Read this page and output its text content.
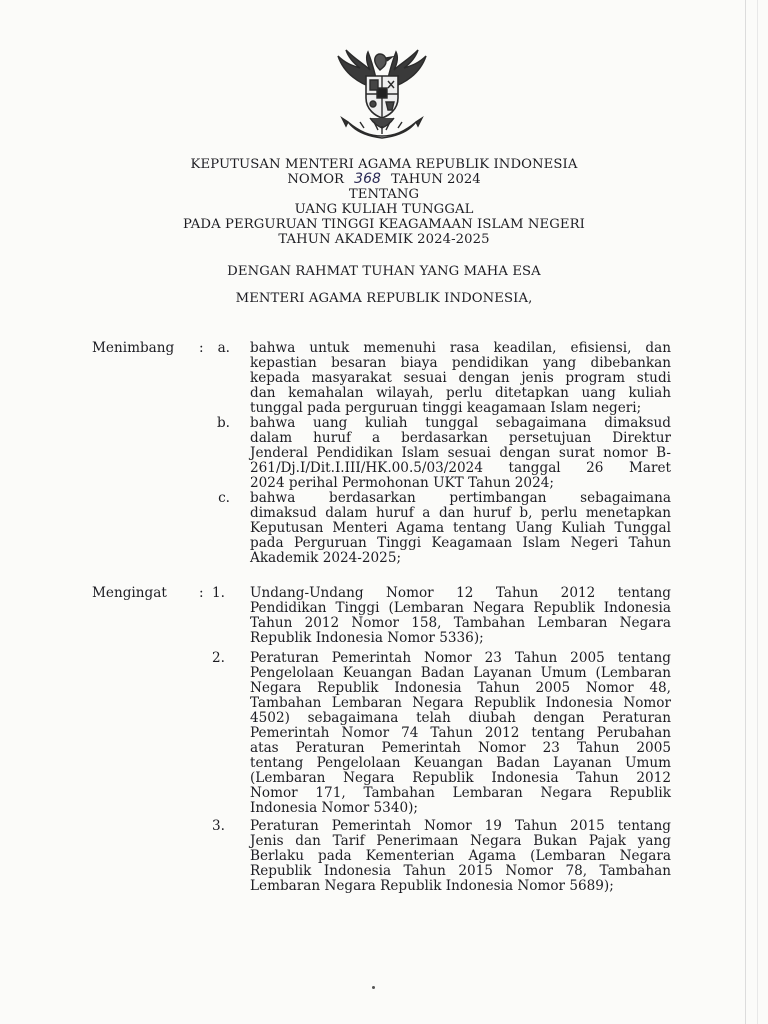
KEPUTUSAN MENTERI AGAMA REPUBLIK INDONESIA
NOMOR 368 TAHUN 2024
TENTANG
UANG KULIAH TUNGGAL
PADA PERGURUAN TINGGI KEAGAMAAN ISLAM NEGERI
TAHUN AKADEMIK 2024-2025
DENGAN RAHMAT TUHAN YANG MAHA ESA
MENTERI AGAMA REPUBLIK INDONESIA,
Menimbang :	a. bahwa untuk memenuhi rasa keadilan, efisiensi, dan
kepastian besaran biaya pendidikan yang dibebankan
kepada masyarakat sesuai dengan jenis program studi
dan kemahalan wilayah, perlu ditetapkan uang kuliah
tunggal pada perguruan tinggi keagamaan Islam negeri;
b. bahwa uang kuliah tunggal sebagaimana dimaksud
dalam huruf a berdasarkan persetujuan Direktur
Jenderal Pendidikan Islam sesuai dengan surat nomor B-
261/Dj.I/Dit.I.III/HK.00.5/03/2024 tanggal 26 Maret
2024 perihal Permohonan UKT Tahun 2024;
c. bahwa berdasarkan pertimbangan sebagaimana
dimaksud dalam huruf a dan huruf b, perlu menetapkan
Keputusan Menteri Agama tentang Uang Kuliah Tunggal
pada Perguruan Tinggi Keagamaan Islam Negeri Tahun
Akademik 2024-2025;
Mengingat : 1. Undang-Undang Nomor 12 Tahun 2012 tentang
Pendidikan Tinggi (Lembaran Negara Republik Indonesia
Tahun 2012 Nomor 158, Tambahan Lembaran Negara
Republik Indonesia Nomor 5336);
2. Peraturan Pemerintah Nomor 23 Tahun 2005 tentang
Pengelolaan Keuangan Badan Layanan Umum (Lembaran
Negara Republik Indonesia Tahun 2005 Nomor 48,
Tambahan Lembaran Negara Republik Indonesia Nomor
4502) sebagaimana telah diubah dengan Peraturan
Pemerintah Nomor 74 Tahun 2012 tentang Perubahan
atas Peraturan Pemerintah Nomor 23 Tahun 2005
tentang Pengelolaan Keuangan Badan Layanan Umum
(Lembaran Negara Republik Indonesia Tahun 2012
Nomor 171, Tambahan Lembaran Negara Republik
Indonesia Nomor 5340);
3. Peraturan Pemerintah Nomor 19 Tahun 2015 tentang
Jenis dan Tarif Penerimaan Negara Bukan Pajak yang
Berlaku pada Kementerian Agama (Lembaran Negara
Republik Indonesia Tahun 2015 Nomor 78, Tambahan
Lembaran Negara Republik Indonesia Nomor 5689);
